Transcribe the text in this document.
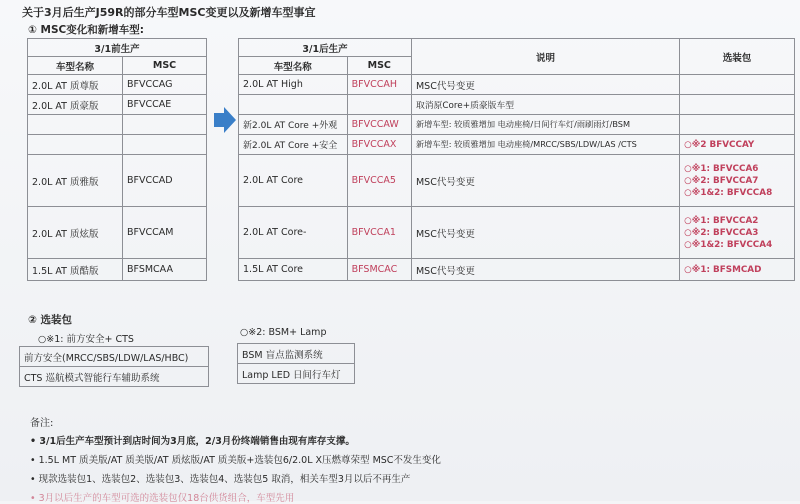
关于3月后生产J59R的部分车型MSC变更以及新增车型事宜
① MSC变化和新增车型:
3/1前生产	
车型名称	MSC
2.0L AT 质尊版	BFVCCAG
2.0L AT 质豪版	BFVCCAE

2.0L AT 质雅版	BFVCCAD
2.0L AT 质炫版	BFVCCAM
1.5L AT 质酷版	BFSMCAA
3/1后生产		说明	选装包
车型名称	MSC		
2.0L AT High	BFVCCAH	MSC代号变更	
		取消原Core+质豪版车型	
新2.0L AT Core +外观	BFVCCAW	新增车型: 较质雅增加 电动座椅/日间行车灯/雨刷雨灯/BSM	
新2.0L AT Core +安全	BFVCCAX	新增车型: 较质雅增加 电动座椅/MRCC/SBS/LDW/LAS /CTS	○※2 BFVCCAY
2.0L AT Core	BFVCCA5	MSC代号变更	○※1: BFVCCA6
○※2: BFVCCA7
○※1&2: BFVCCA8
2.0L AT Core-	BFVCCA1	MSC代号变更	○※1: BFVCCA2
○※2: BFVCCA3
○※1&2: BFVCCA4
1.5L AT Core	BFSMCAC	MSC代号变更	○※1: BFSMCAD
② 选装包
○※1: 前方安全+ CTS
前方安全(MRCC/SBS/LDW/LAS/HBC)
CTS 巡航模式智能行车辅助系统
○※2: BSM+ Lamp
BSM 盲点监测系统
Lamp LED 日间行车灯
备注:
• 3/1后生产车型预计到店时间为3月底，2/3月份终端销售由现有库存支撑。
• 1.5L MT 质美版/AT 质美版/AT 质炫版/AT 质美版+选装包6/2.0L X压燃尊荣型 MSC不发生变化
• 现款选装包1、选装包2、选装包3、选装包4、选装包5 取消，相关车型3月以后不再生产
• 3月以后生产的车型可选的选装包仅18台供货组合，车型先用
